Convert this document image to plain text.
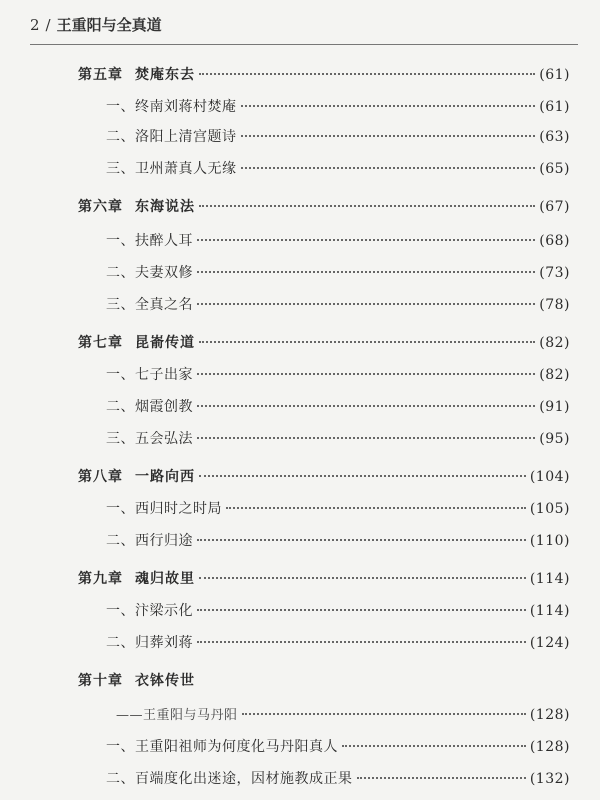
2 / 王重阳与全真道
第五章 焚庵东去	(61)
一、终南刘蒋村焚庵	(61)
二、洛阳上清宫题诗	(63)
三、卫州萧真人无缘	(65)
第六章 东海说法	(67)
一、扶醉人耳	(68)
二、夫妻双修	(73)
三、全真之名	(78)
第七章 昆嵛传道	(82)
一、七子出家	(82)
二、烟霞创教	(91)
三、五会弘法	(95)
第八章 一路向西	(104)
一、西归时之时局	(105)
二、西行归途	(110)
第九章 魂归故里	(114)
一、汴梁示化	(114)
二、归葬刘蒋	(124)
第十章 衣钵传世
——王重阳与马丹阳	(128)
一、王重阳祖师为何度化马丹阳真人	(128)
二、百端度化出迷途，因材施教成正果	(132)
